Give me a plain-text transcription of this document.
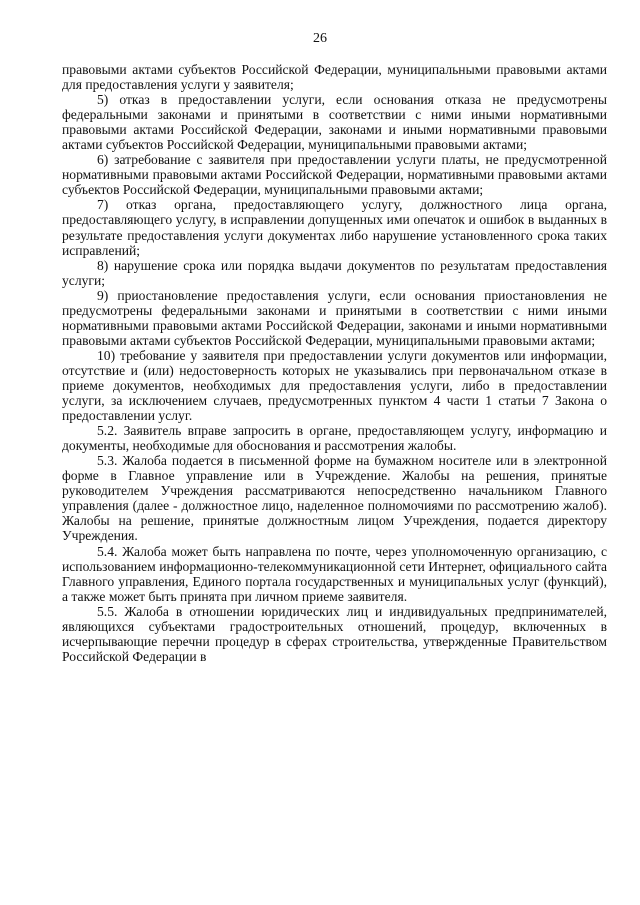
26

правовыми актами субъектов Российской Федерации, муниципальными правовыми актами для предоставления услуги у заявителя;

5) отказ в предоставлении услуги, если основания отказа не предусмотрены федеральными законами и принятыми в соответствии с ними иными нормативными правовыми актами Российской Федерации, законами и иными нормативными правовыми актами субъектов Российской Федерации, муниципальными правовыми актами;

6) затребование с заявителя при предоставлении услуги платы, не предусмотренной нормативными правовыми актами Российской Федерации, нормативными правовыми актами субъектов Российской Федерации, муниципальными правовыми актами;

7) отказ органа, предоставляющего услугу, должностного лица органа, предоставляющего услугу, в исправлении допущенных ими опечаток и ошибок в выданных в результате предоставления услуги документах либо нарушение установленного срока таких исправлений;

8) нарушение срока или порядка выдачи документов по результатам предоставления услуги;

9) приостановление предоставления услуги, если основания приостановления не предусмотрены федеральными законами и принятыми в соответствии с ними иными нормативными правовыми актами Российской Федерации, законами и иными нормативными правовыми актами субъектов Российской Федерации, муниципальными правовыми актами;

10) требование у заявителя при предоставлении услуги документов или информации, отсутствие и (или) недостоверность которых не указывались при первоначальном отказе в приеме документов, необходимых для предоставления услуги, либо в предоставлении услуги, за исключением случаев, предусмотренных пунктом 4 части 1 статьи 7 Закона о предоставлении услуг.

5.2. Заявитель вправе запросить в органе, предоставляющем услугу, информацию и документы, необходимые для обоснования и рассмотрения жалобы.

5.3. Жалоба подается в письменной форме на бумажном носителе или в электронной форме в Главное управление или в Учреждение. Жалобы на решения, принятые руководителем Учреждения рассматриваются непосредственно начальником Главного управления (далее - должностное лицо, наделенное полномочиями по рассмотрению жалоб). Жалобы на решение, принятые должностным лицом Учреждения, подается директору Учреждения.

5.4. Жалоба может быть направлена по почте, через уполномоченную организацию, с использованием информационно-телекоммуникационной сети Интернет, официального сайта Главного управления, Единого портала государственных и муниципальных услуг (функций), а также может быть принята при личном приеме заявителя.

5.5. Жалоба в отношении юридических лиц и индивидуальных предпринимателей, являющихся субъектами градостроительных отношений, процедур, включенных в исчерпывающие перечни процедур в сферах строительства, утвержденные Правительством Российской Федерации в
